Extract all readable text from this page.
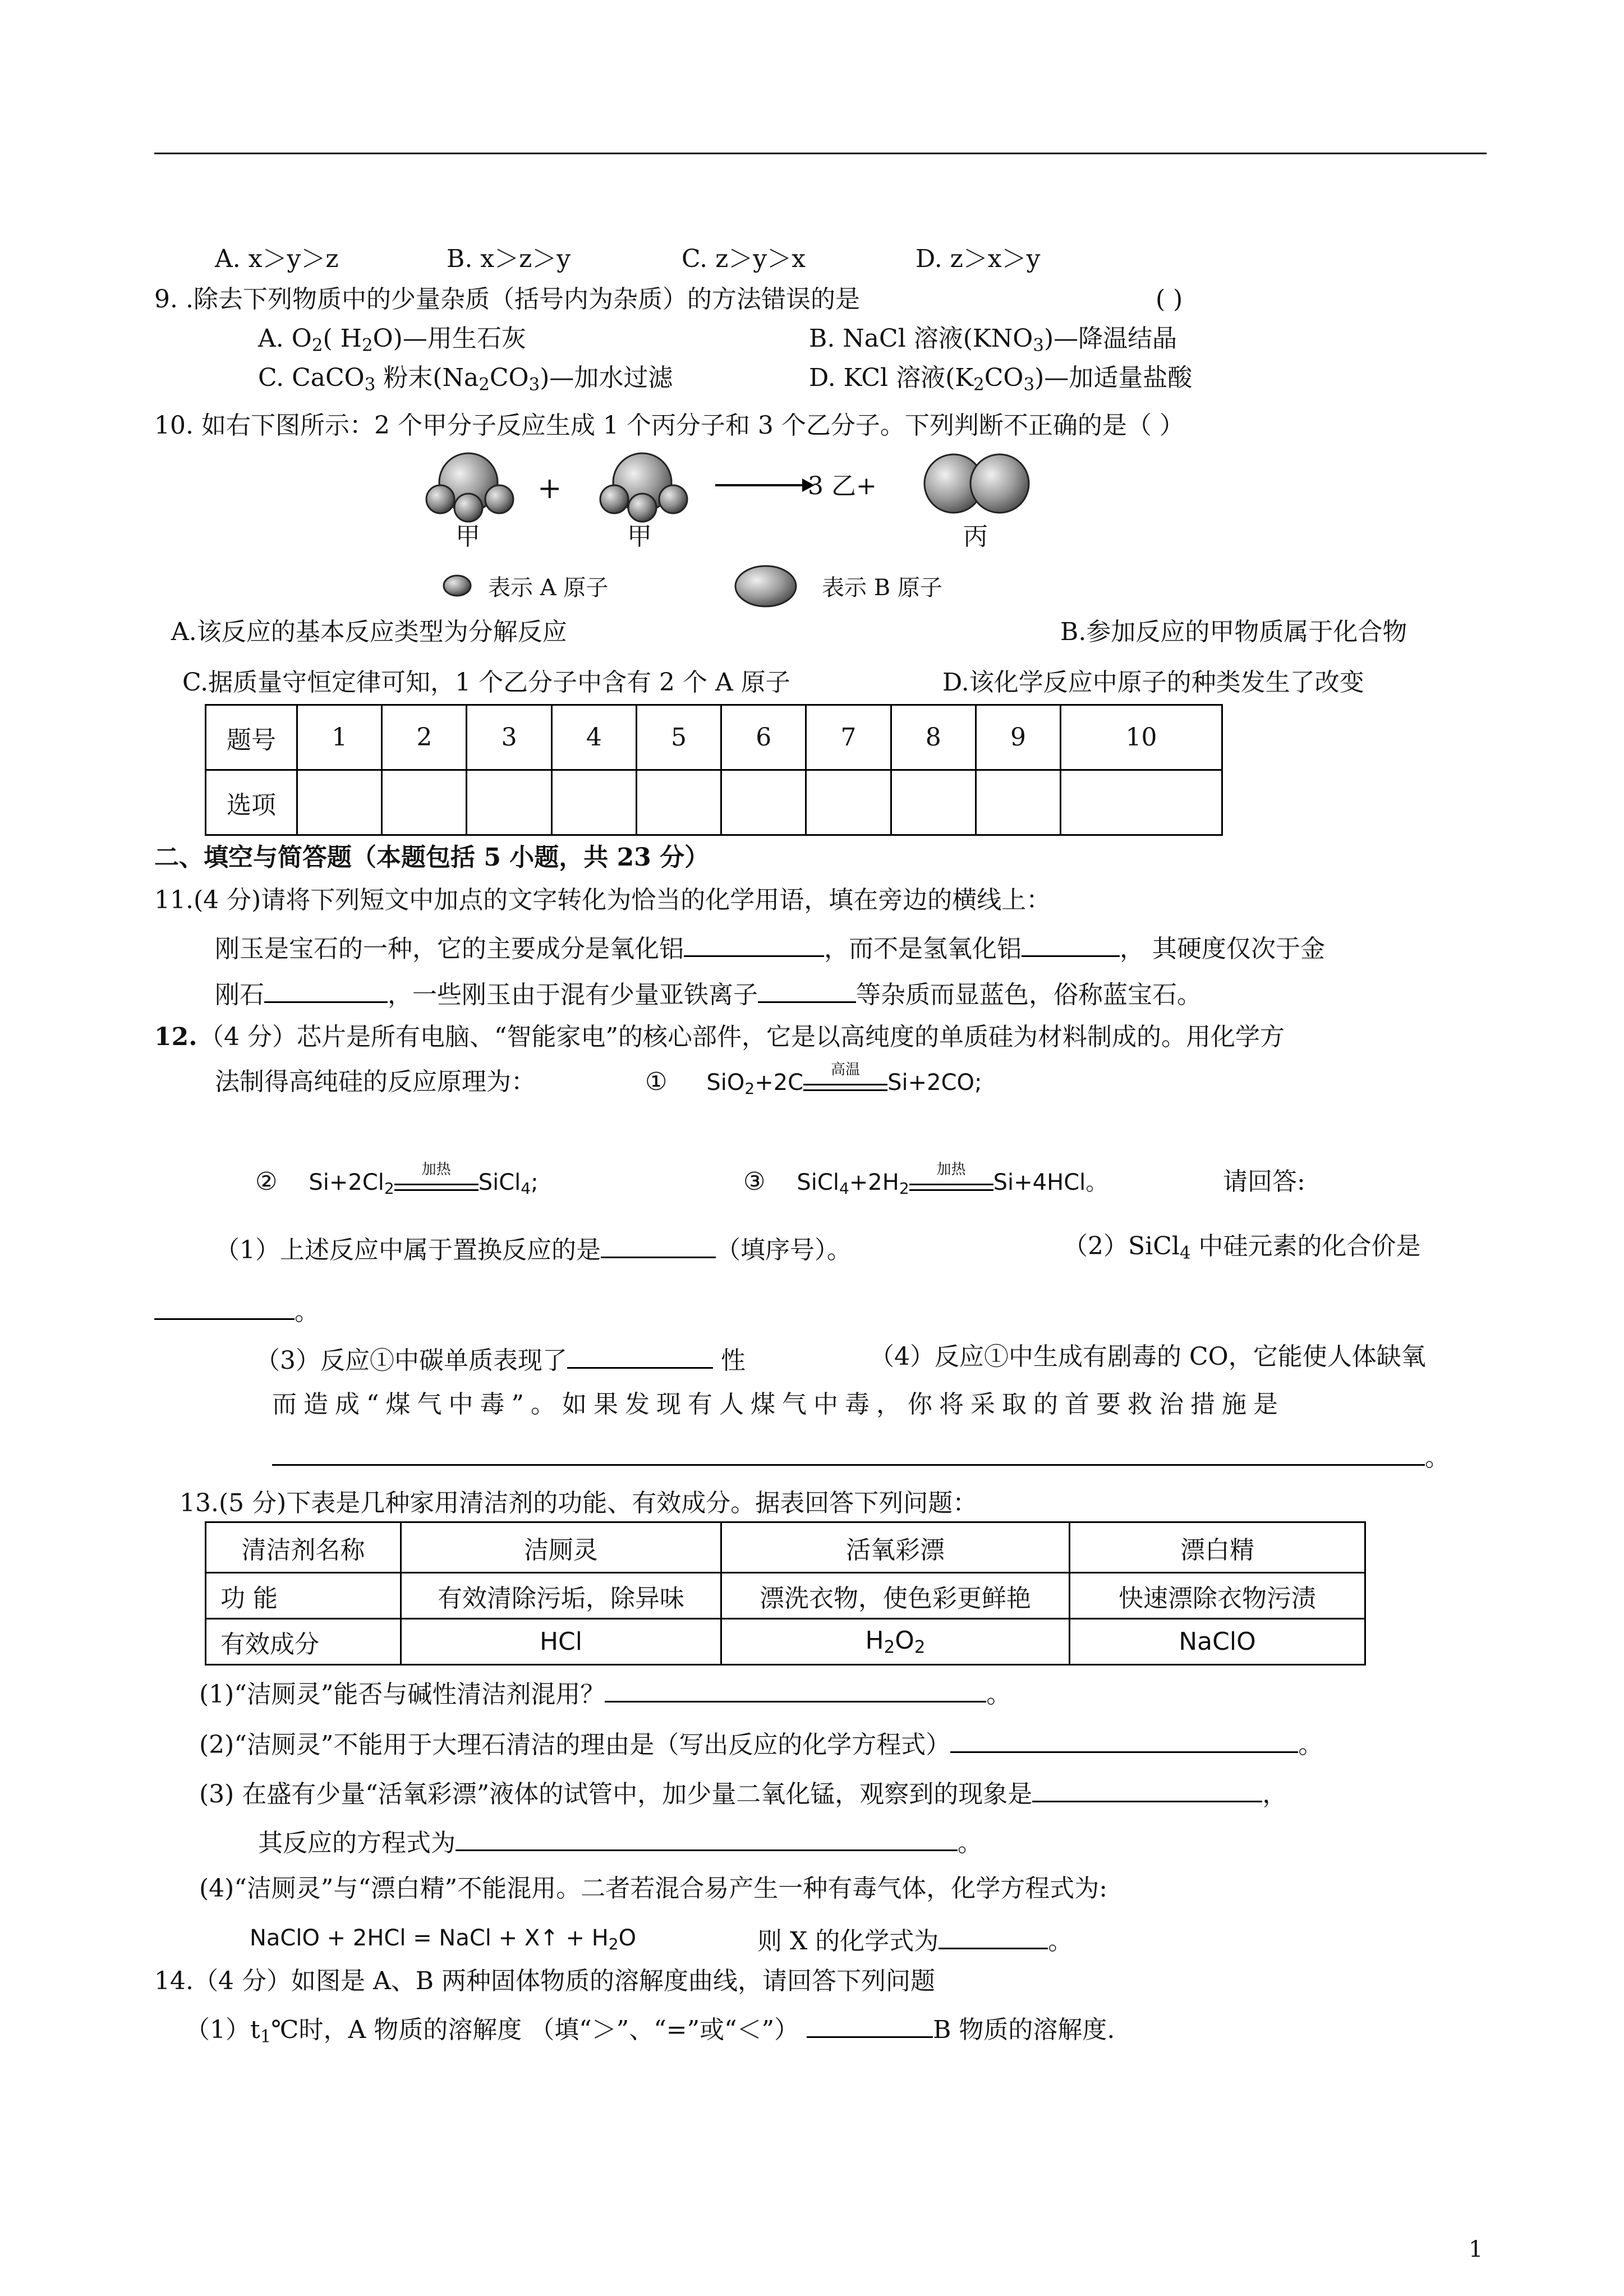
A. x＞y＞z	B. x＞z＞y	C. z＞y＞x	D. z＞x＞y
9. .除去下列物质中的少量杂质（括号内为杂质）的方法错误的是	( )
A. $O_2$( $H_2O)—$用生石灰	B. NaCl 溶液$(KNO_3)—$降温结晶
C. CaCO$_3$ 粉末$(Na_2CO_3)—$加水过滤	D. KCl 溶液$(K_2CO_3)—$加适量盐酸
10. 如右下图所示：2 个甲分子反应生成 1 个丙分子和 3 个乙分子。下列判断不正确的是（ ）
+	3 乙+
甲	甲	丙
表示 A 原子	表示 B 原子
A.该反应的基本反应类型为分解反应	B.参加反应的甲物质属于化合物
C.据质量守恒定律可知，1 个乙分子中含有 2 个 A 原子	D.该化学反应中原子的种类发生了改变
题号	1	2	3	4	5	6	7	8	9	10
选项										
二、填空与简答题（本题包括 5 小题，共 23 分）
11.(4 分)请将下列短文中加点的文字转化为恰当的化学用语，填在旁边的横线上：
刚玉是宝石的一种，它的主要成分是氧化铝	，而不是氢氧化铝	， 其硬度仅次于金
刚石	，一些刚玉由于混有少量亚铁离子	等杂质而显蓝色，俗称蓝宝石。
12. （4 分）芯片是所有电脑、“智能家电”的核心部件，它是以高纯度的单质硅为材料制成的。用化学方
法制得高纯硅的反应原理为：	① SiO$_2$+2C
高温
Si+2CO;
② $Si+2Cl_2$
加热
SiCl$_4$;	③ $SiCl_4+2H_2$
加热
Si+4HCl。	请回答:
（1）上述反应中属于置换反应的是	（填序号）。	（2）SiCl$_4$ 中硅元素的化合价是
。
（3）反应①中碳单质表现了	性	（4）反应①中生成有剧毒的 CO，它能使人体缺氧
而造成“煤气中毒”。如果发现有人煤气中毒，你将采取的首要救治措施是
。
13.(5 分)下表是几种家用清洁剂的功能、有效成分。据表回答下列问题：
清洁剂名称	洁厕灵	活氧彩漂	漂白精
功 能	有效清除污垢，除异味	漂洗衣物，使色彩更鲜艳	快速漂除衣物污渍
有效成分	HCl	$H_2O_2$	NaClO
(1)“洁厕灵”能否与碱性清洁剂混用？	。
(2)“洁厕灵”不能用于大理石清洁的理由是（写出反应的化学方程式）	。
(3) 在盛有少量“活氧彩漂”液体的试管中，加少量二氧化锰，观察到的现象是	，
其反应的方程式为	。
(4)“洁厕灵”与“漂白精”不能混用。二者若混合易产生一种有毒气体，化学方程式为:
NaClO + 2HCl = NaCl + X↑ + $H_2O$	则 X 的化学式为	。
14.（4 分）如图是 A、B 两种固体物质的溶解度曲线，请回答下列问题
$(1)t_1℃$时，A 物质的溶解度 （填“＞”、“=”或“＜”）	B 物质的溶解度.
1
